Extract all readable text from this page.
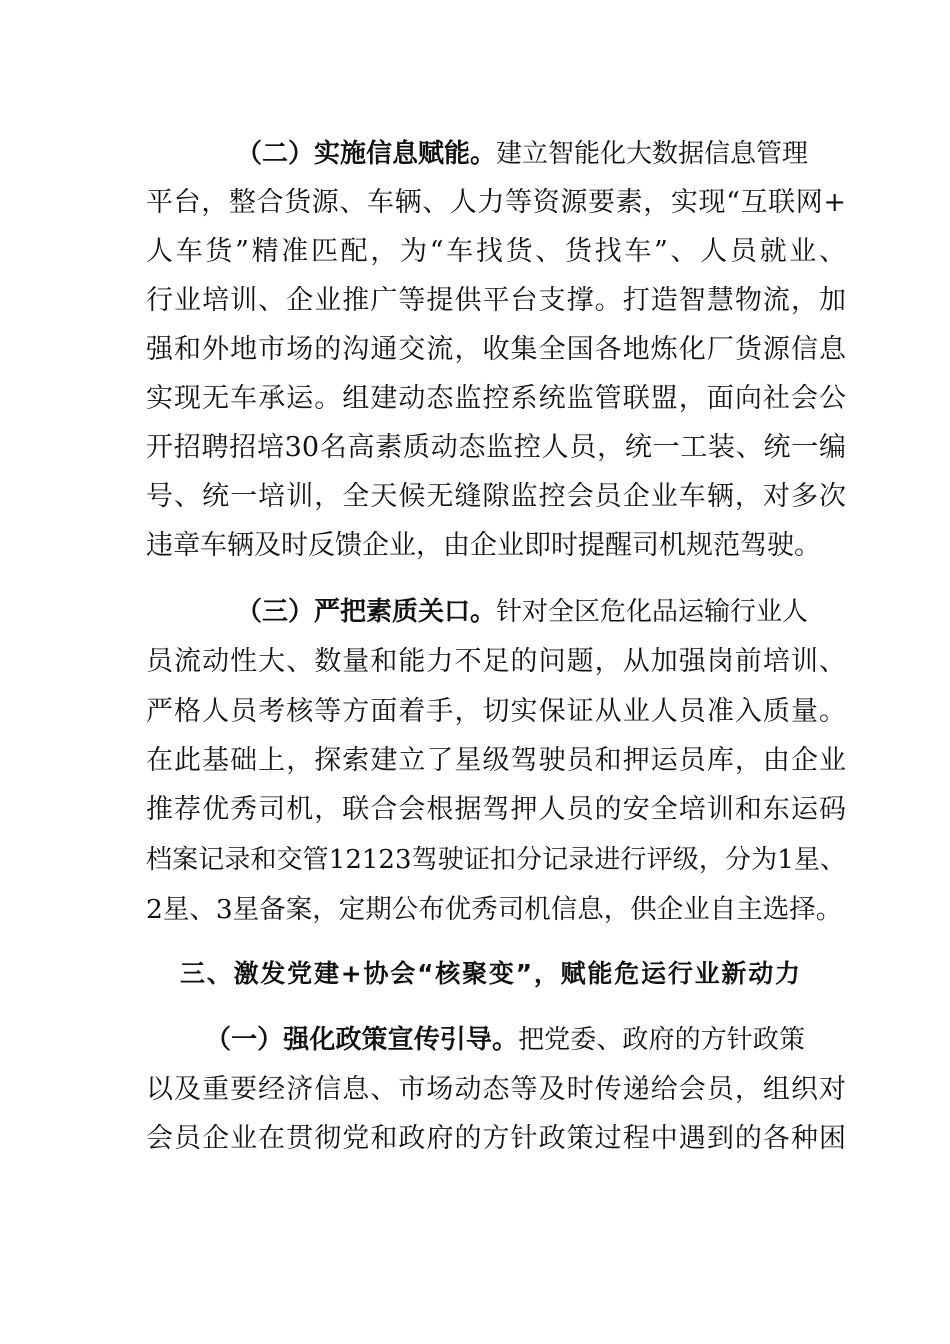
（二）实施信息赋能。建立智能化大数据信息管理
平台，整合货源、车辆、人力等资源要素，实现“互联网+
人车货”精准匹配，为“车找货、货找车”、人员就业、
行业培训、企业推广等提供平台支撑。打造智慧物流，加
强和外地市场的沟通交流，收集全国各地炼化厂货源信息
实现无车承运。组建动态监控系统监管联盟，面向社会公
开招聘招培30名高素质动态监控人员，统一工装、统一编
号、统一培训，全天候无缝隙监控会员企业车辆，对多次
违章车辆及时反馈企业，由企业即时提醒司机规范驾驶。
（三）严把素质关口。针对全区危化品运输行业人
员流动性大、数量和能力不足的问题，从加强岗前培训、
严格人员考核等方面着手，切实保证从业人员准入质量。
在此基础上，探索建立了星级驾驶员和押运员库，由企业
推荐优秀司机，联合会根据驾押人员的安全培训和东运码
档案记录和交管12123驾驶证扣分记录进行评级，分为1星、
2星、3星备案，定期公布优秀司机信息，供企业自主选择。
三、激发党建+协会“核聚变”，赋能危运行业新动力
（一）强化政策宣传引导。把党委、政府的方针政策
以及重要经济信息、市场动态等及时传递给会员，组织对
会员企业在贯彻党和政府的方针政策过程中遇到的各种困
